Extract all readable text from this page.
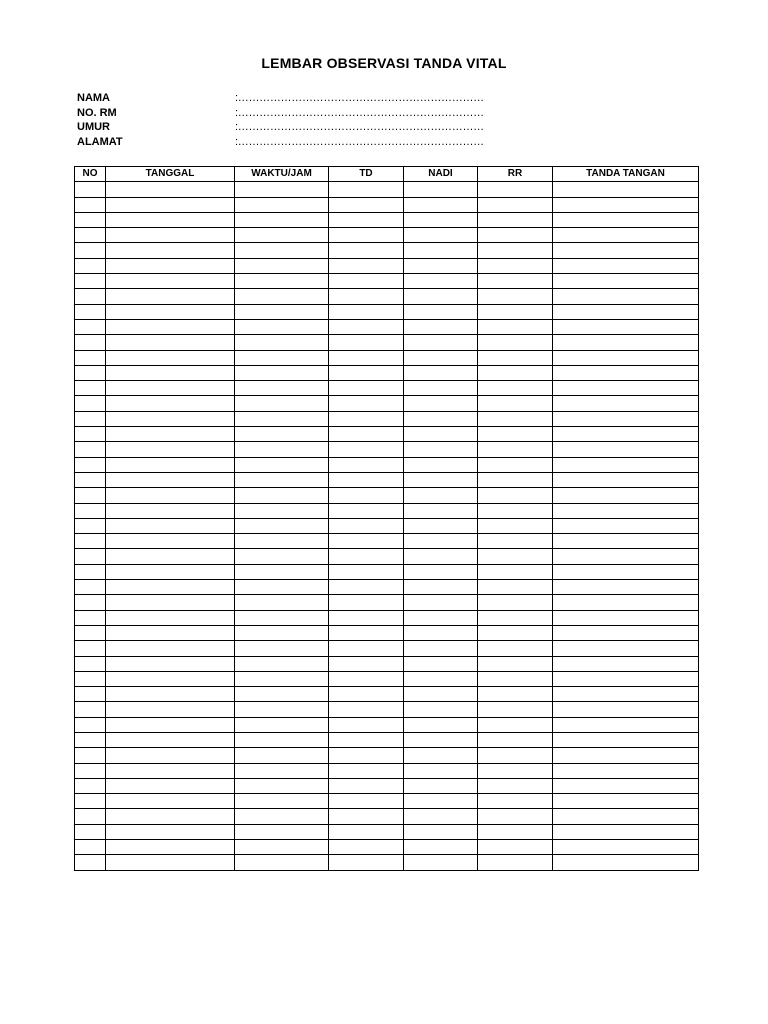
LEMBAR OBSERVASI TANDA VITAL
NAMA	:……………………………………………………………
NO. RM	:……………………………………………………………
UMUR	:……………………………………………………………
ALAMAT	:……………………………………………………………
NO	TANGGAL	WAKTU/JAM	TD	NADI	RR	TANDA TANGAN
